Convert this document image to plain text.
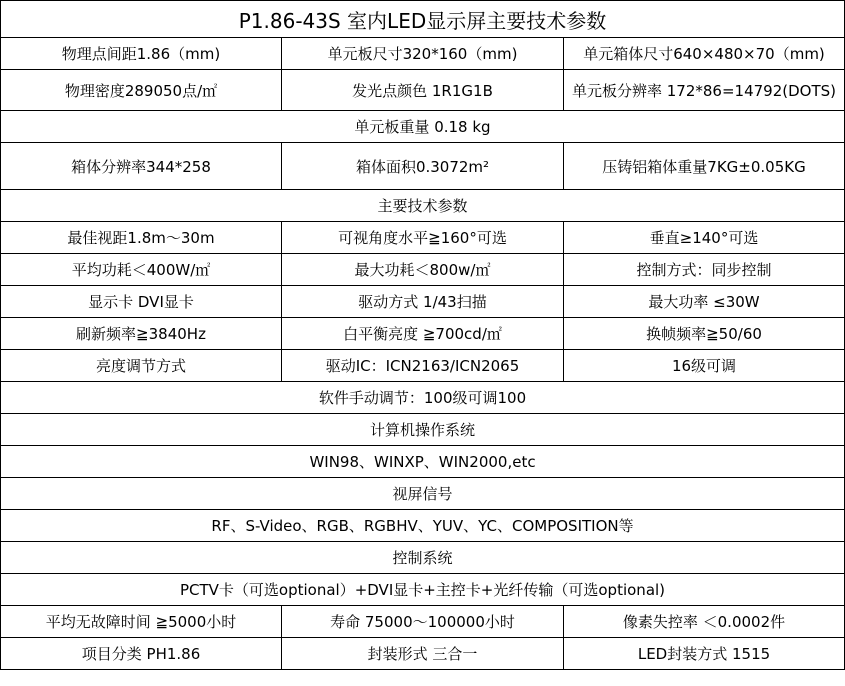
P1.86-43S 室内LED显示屏主要技术参数		
物理点间距1.86（mm)	单元板尺寸320*160（mm)	单元箱体尺寸640×480×70（mm)
物理密度289050点/㎡	发光点颜色 1R1G1B	单元板分辨率 172*86=14792(DOTS)
单元板重量 0.18 kg		
箱体分辨率344*258	箱体面积0.3072m²	压铸铝箱体重量7KG±0.05KG
主要技术参数		
最佳视距1.8m～30m	可视角度水平≧160°可选	垂直≥140°可选
平均功耗＜400W/㎡	最大功耗＜800w/㎡	控制方式：同步控制
显示卡 DVI显卡	驱动方式 1/43扫描	最大功率 ≤30W
刷新频率≧3840Hz	白平衡亮度 ≧700cd/㎡	换帧频率≧50/60
亮度调节方式	驱动IC：ICN2163/ICN2065	16级可调
软件手动调节：100级可调100		
计算机操作系统		
WIN98、WINXP、WIN2000,etc		
视屏信号		
RF、S-Video、RGB、RGBHV、YUV、YC、COMPOSITION等		
控制系统		
PCTV卡（可选optional）+DVI显卡+主控卡+光纤传输（可选optional)		
平均无故障时间 ≧5000小时	寿命 75000～100000小时	像素失控率 ＜0.0002件
项目分类 PH1.86	封装形式 三合一	LED封装方式 1515
